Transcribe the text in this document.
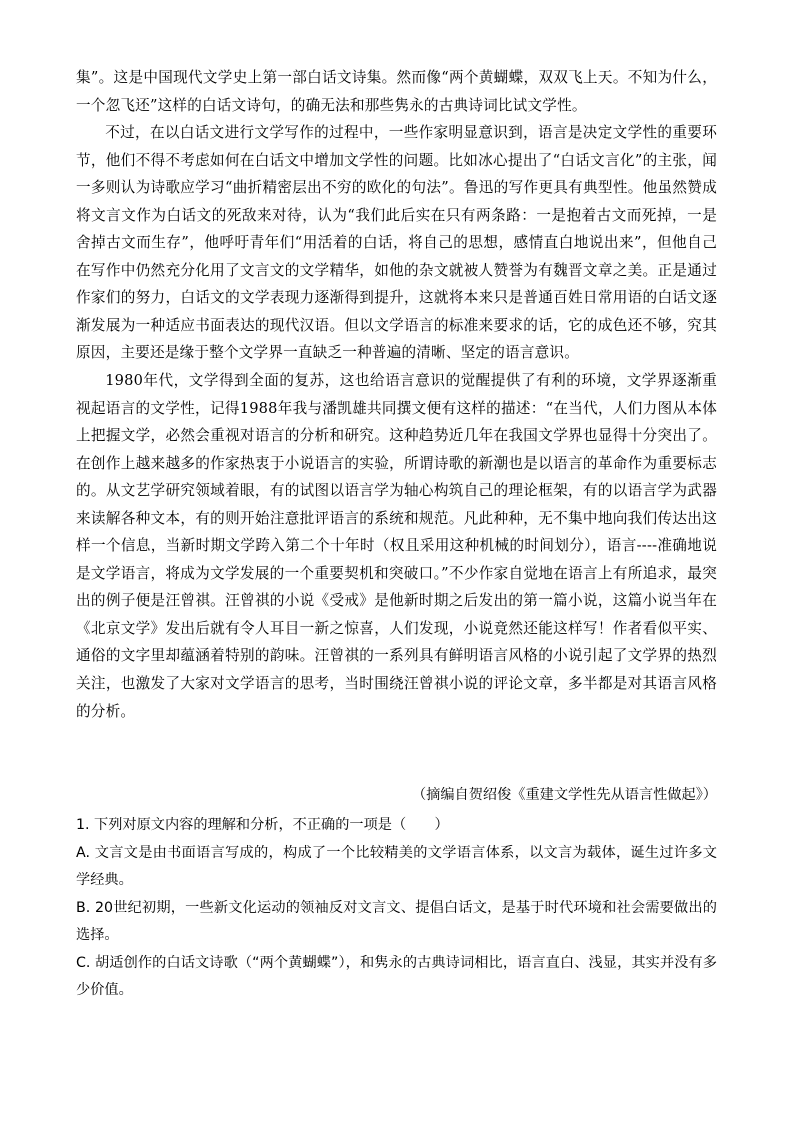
集”。这是中国现代文学史上第一部白话文诗集。然而像“两个黄蝴蝶，双双飞上天。不知为什么，一个忽飞还”这样的白话文诗句，的确无法和那些隽永的古典诗词比试文学性。

不过，在以白话文进行文学写作的过程中，一些作家明显意识到，语言是决定文学性的重要环节，他们不得不考虑如何在白话文中增加文学性的问题。比如冰心提出了“白话文言化”的主张，闻一多则认为诗歌应学习“曲折精密层出不穷的欧化的句法”。鲁迅的写作更具有典型性。他虽然赞成将文言文作为白话文的死敌来对待，认为“我们此后实在只有两条路：一是抱着古文而死掉，一是舍掉古文而生存”，他呼吁青年们“用活着的白话，将自己的思想，感情直白地说出来”，但他自己在写作中仍然充分化用了文言文的文学精华，如他的杂文就被人赞誉为有魏晋文章之美。正是通过作家们的努力，白话文的文学表现力逐渐得到提升，这就将本来只是普通百姓日常用语的白话文逐渐发展为一种适应书面表达的现代汉语。但以文学语言的标准来要求的话，它的成色还不够，究其原因，主要还是缘于整个文学界一直缺乏一种普遍的清晰、坚定的语言意识。

1980年代，文学得到全面的复苏，这也给语言意识的觉醒提供了有利的环境，文学界逐渐重视起语言的文学性，记得1988年我与潘凯雄共同撰文便有这样的描述：“在当代，人们力图从本体上把握文学，必然会重视对语言的分析和研究。这种趋势近几年在我国文学界也显得十分突出了。在创作上越来越多的作家热衷于小说语言的实验，所谓诗歌的新潮也是以语言的革命作为重要标志的。从文艺学研究领域着眼，有的试图以语言学为轴心构筑自己的理论框架，有的以语言学为武器来读解各种文本，有的则开始注意批评语言的系统和规范。凡此种种，无不集中地向我们传达出这样一个信息，当新时期文学跨入第二个十年时（权且采用这种机械的时间划分），语言----准确地说是文学语言，将成为文学发展的一个重要契机和突破口。”不少作家自觉地在语言上有所追求，最突出的例子便是汪曾祺。汪曾祺的小说《受戒》是他新时期之后发出的第一篇小说，这篇小说当年在《北京文学》发出后就有令人耳目一新之惊喜，人们发现，小说竟然还能这样写！作者看似平实、通俗的文字里却蕴涵着特别的韵味。汪曾祺的一系列具有鲜明语言风格的小说引起了文学界的热烈关注，也激发了大家对文学语言的思考，当时围绕汪曾祺小说的评论文章，多半都是对其语言风格的分析。

（摘编自贺绍俊《重建文学性先从语言性做起》）

1. 下列对原文内容的理解和分析，不正确的一项是（　　）

A. 文言文是由书面语言写成的，构成了一个比较精美的文学语言体系，以文言为载体，诞生过许多文学经典。

B. 20世纪初期，一些新文化运动的领袖反对文言文、提倡白话文，是基于时代环境和社会需要做出的选择。

C. 胡适创作的白话文诗歌（“两个黄蝴蝶”），和隽永的古典诗词相比，语言直白、浅显，其实并没有多少价值。
